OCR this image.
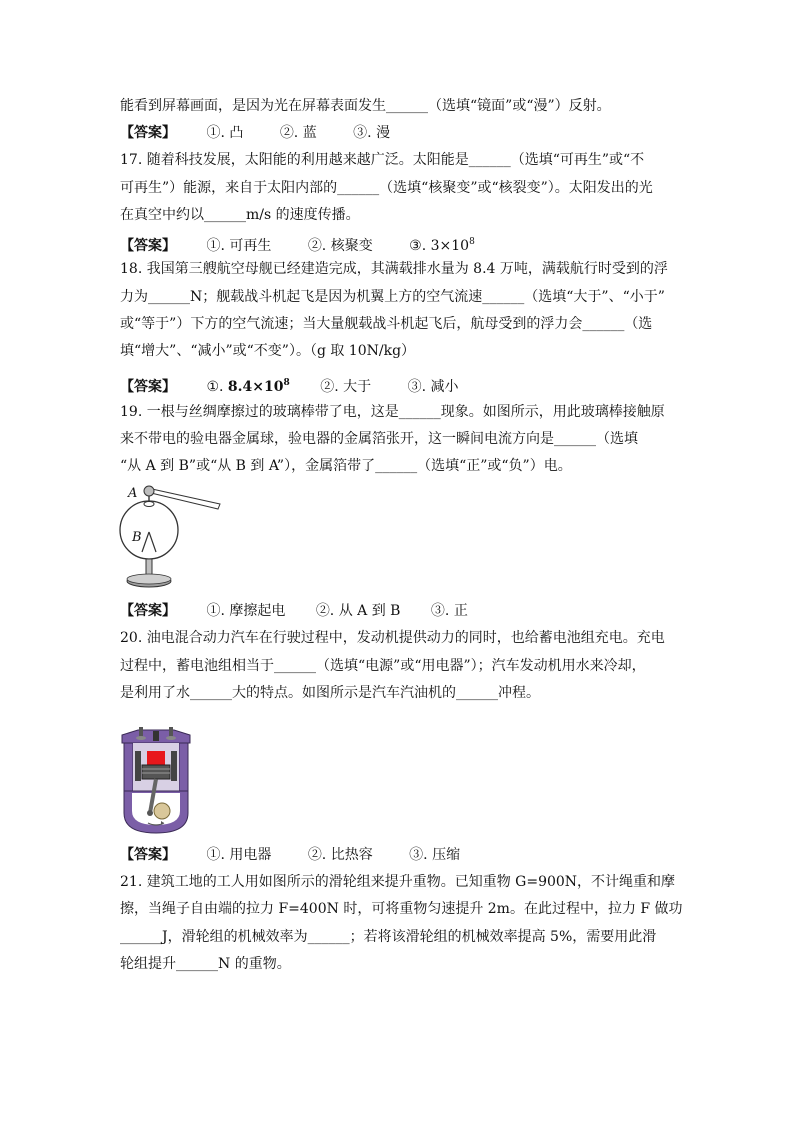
能看到屏幕画面，是因为光在屏幕表面发生______（选填“镜面”或“漫”）反射。
【答案】 ①. 凸	②. 蓝	③. 漫
17. 随着科技发展，太阳能的利用越来越广泛。太阳能是______（选填“可再生”或“不
可再生”）能源，来自于太阳内部的______（选填“核聚变”或“核裂变”）。太阳发出的光
在真空中约以______m/s 的速度传播。
【答案】 ①. 可再生	②. 核聚变	③. $3\times 10^8$
18. 我国第三艘航空母舰已经建造完成，其满载排水量为 8.4 万吨，满载航行时受到的浮
力为______N；舰载战斗机起飞是因为机翼上方的空气流速______（选填“大于”、“小于”
或“等于”）下方的空气流速；当大量舰载战斗机起飞后，航母受到的浮力会______（选
填“增大”、“减小”或“不变”）。（g 取 10N/kg）
【答案】 ①. $8.4\times 10^8$ ②. 大于	③. 减小
19. 一根与丝绸摩擦过的玻璃棒带了电，这是______现象。如图所示，用此玻璃棒接触原
来不带电的验电器金属球，验电器的金属箔张开，这一瞬间电流方向是______（选填
“从 A 到 B”或“从 B 到 A”），金属箔带了______（选填“正”或“负”）电。
A
B
【答案】 ①. 摩擦起电 ②. 从 A 到 B ③. 正
20. 油电混合动力汽车在行驶过程中，发动机提供动力的同时，也给蓄电池组充电。充电
过程中，蓄电池组相当于______（选填“电源”或“用电器”）；汽车发动机用水来冷却，
是利用了水______大的特点。如图所示是汽车汽油机的______冲程。
【答案】 ①. 用电器	②. 比热容	③. 压缩
21. 建筑工地的工人用如图所示的滑轮组来提升重物。已知重物 G=900N，不计绳重和摩
擦，当绳子自由端的拉力 F=400N 时，可将重物匀速提升 2m。在此过程中，拉力 F 做功
______J，滑轮组的机械效率为______；若将该滑轮组的机械效率提高 5%，需要用此滑
轮组提升______N 的重物。
